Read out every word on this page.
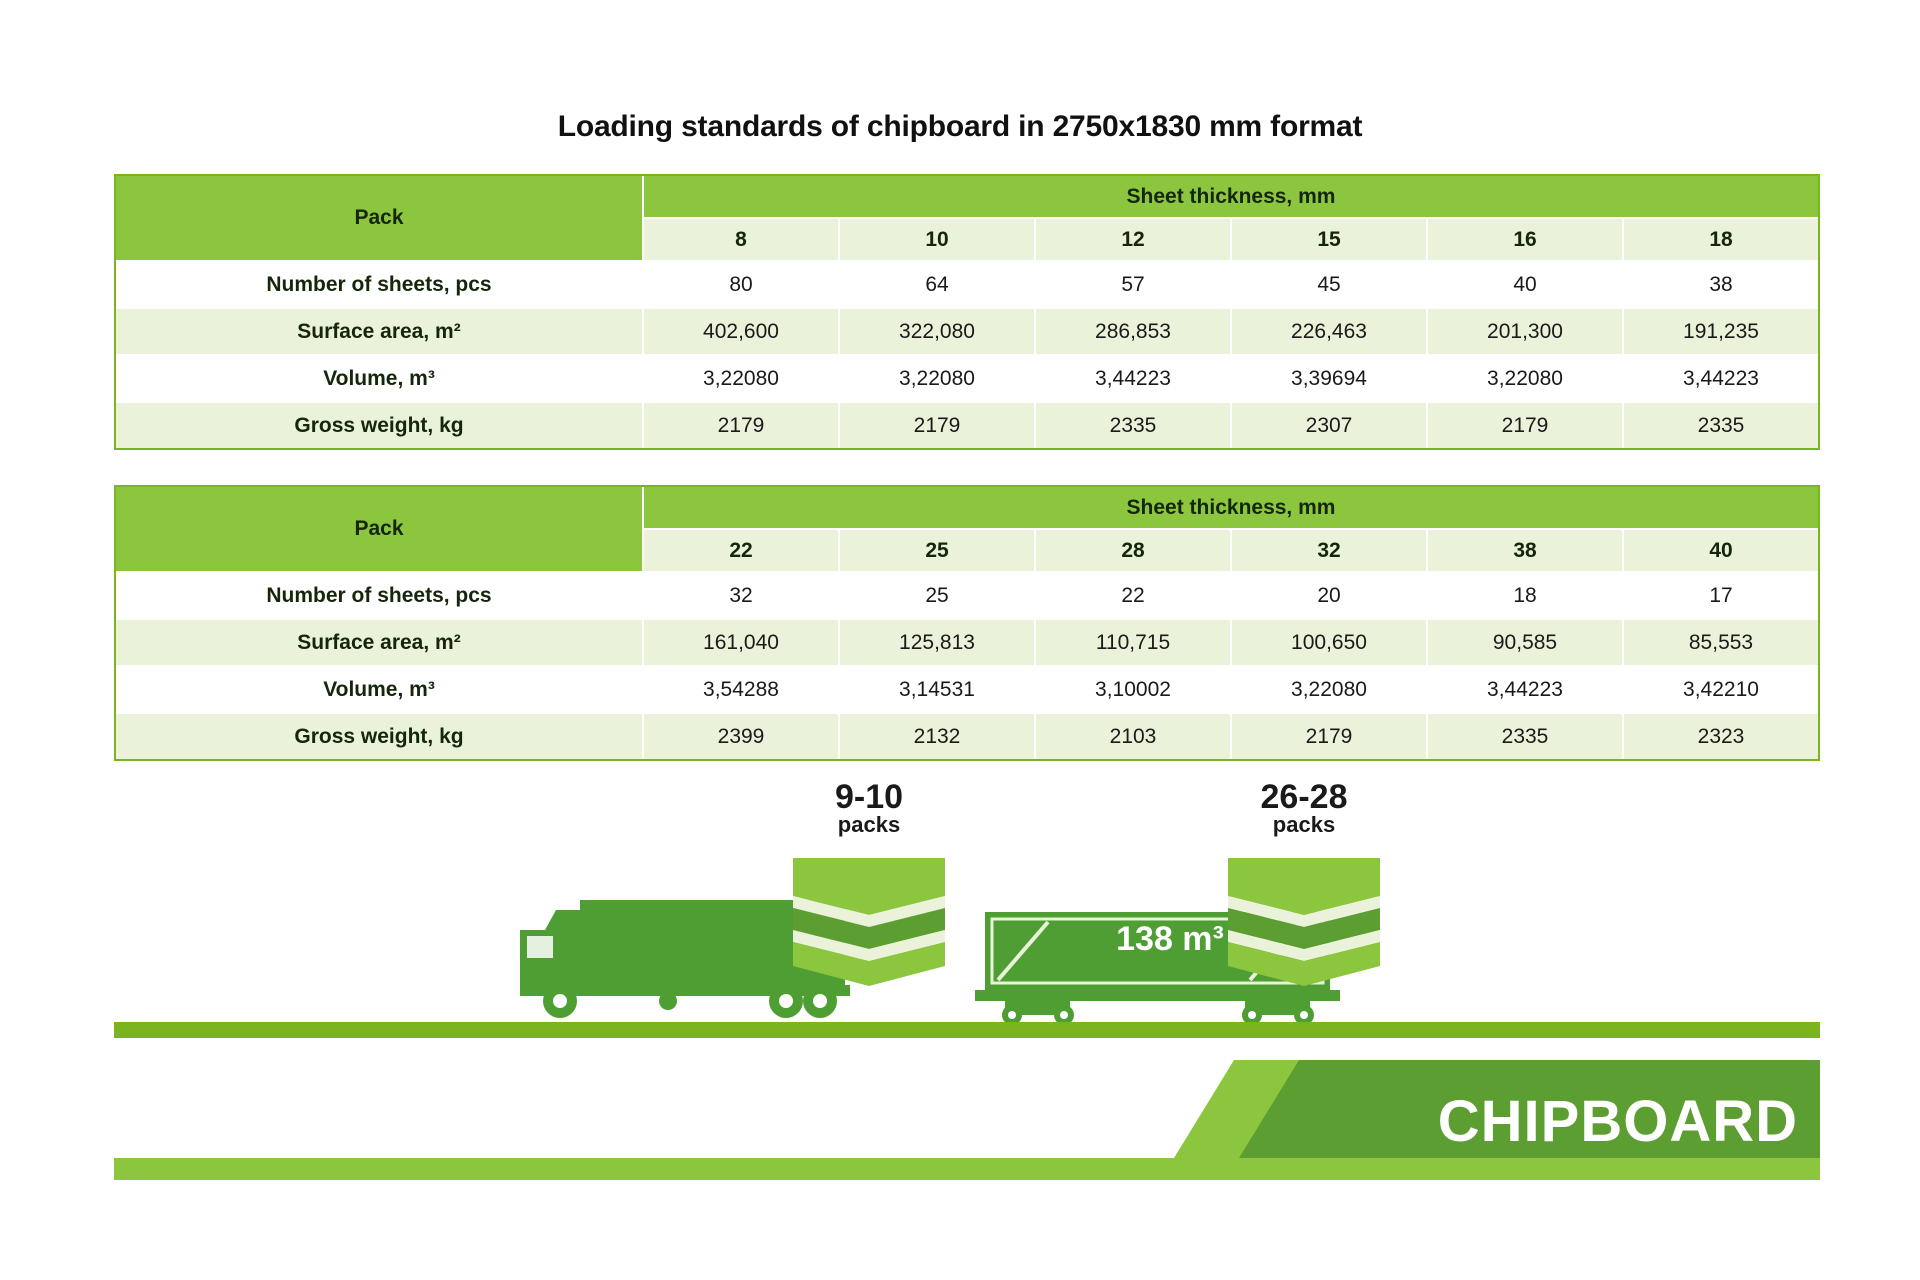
Loading standards of chipboard in 2750x1830 mm format
Pack	Sheet thickness, mm					
	8	10	12	15	16	18
Number of sheets, pcs	80	64	57	45	40	38
Surface area, m²	402,600	322,080	286,853	226,463	201,300	191,235
Volume, m³	3,22080	3,22080	3,44223	3,39694	3,22080	3,44223
Gross weight, kg	2179	2179	2335	2307	2179	2335
Pack	Sheet thickness, mm					
	22	25	28	32	38	40
Number of sheets, pcs	32	25	22	20	18	17
Surface area, m²	161,040	125,813	110,715	100,650	90,585	85,553
Volume, m³	3,54288	3,14531	3,10002	3,22080	3,44223	3,42210
Gross weight, kg	2399	2132	2103	2179	2335	2323
9-10
packs
26-28
packs
138 m³
CHIPBOARD
